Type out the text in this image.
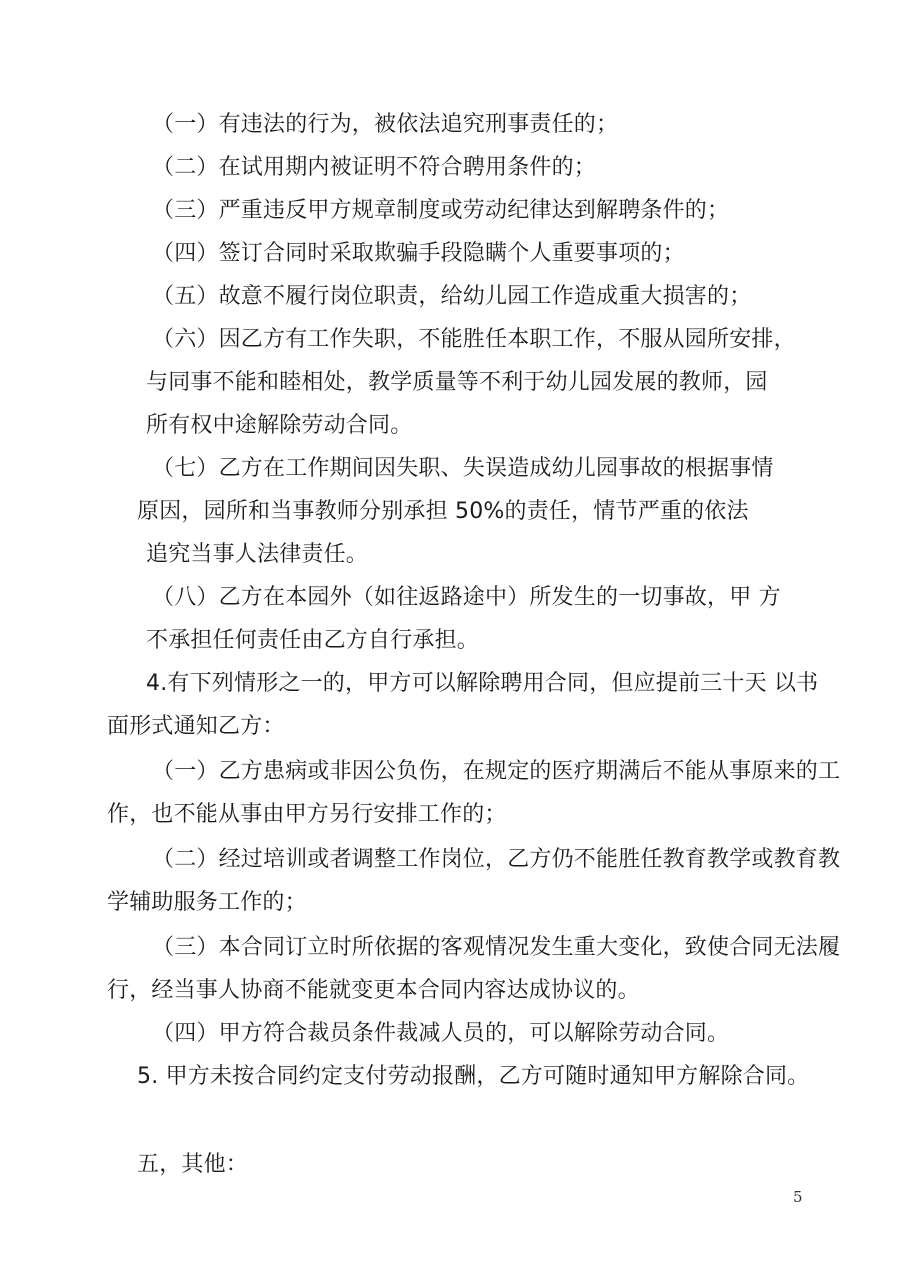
（一）有违法的行为，被依法追究刑事责任的；
（二）在试用期内被证明不符合聘用条件的；
（三）严重违反甲方规章制度或劳动纪律达到解聘条件的；
（四）签订合同时采取欺骗手段隐瞒个人重要事项的；
（五）故意不履行岗位职责，给幼儿园工作造成重大损害的；
（六）因乙方有工作失职，不能胜任本职工作，不服从园所安排，
与同事不能和睦相处，教学质量等不利于幼儿园发展的教师，园
所有权中途解除劳动合同。
（七）乙方在工作期间因失职、失误造成幼儿园事故的根据事情
原因，园所和当事教师分别承担 50%的责任，情节严重的依法
追究当事人法律责任。
（八）乙方在本园外（如往返路途中）所发生的一切事故，甲 方
不承担任何责任由乙方自行承担。
4.有下列情形之一的，甲方可以解除聘用合同，但应提前三十天 以书
面形式通知乙方：
（一）乙方患病或非因公负伤，在规定的医疗期满后不能从事原来的工
作，也不能从事由甲方另行安排工作的；
（二）经过培训或者调整工作岗位，乙方仍不能胜任教育教学或教育教
学辅助服务工作的；
（三）本合同订立时所依据的客观情况发生重大变化，致使合同无法履
行，经当事人协商不能就变更本合同内容达成协议的。
（四）甲方符合裁员条件裁减人员的，可以解除劳动合同。
5. 甲方未按合同约定支付劳动报酬，乙方可随时通知甲方解除合同。
五，其他：
5
